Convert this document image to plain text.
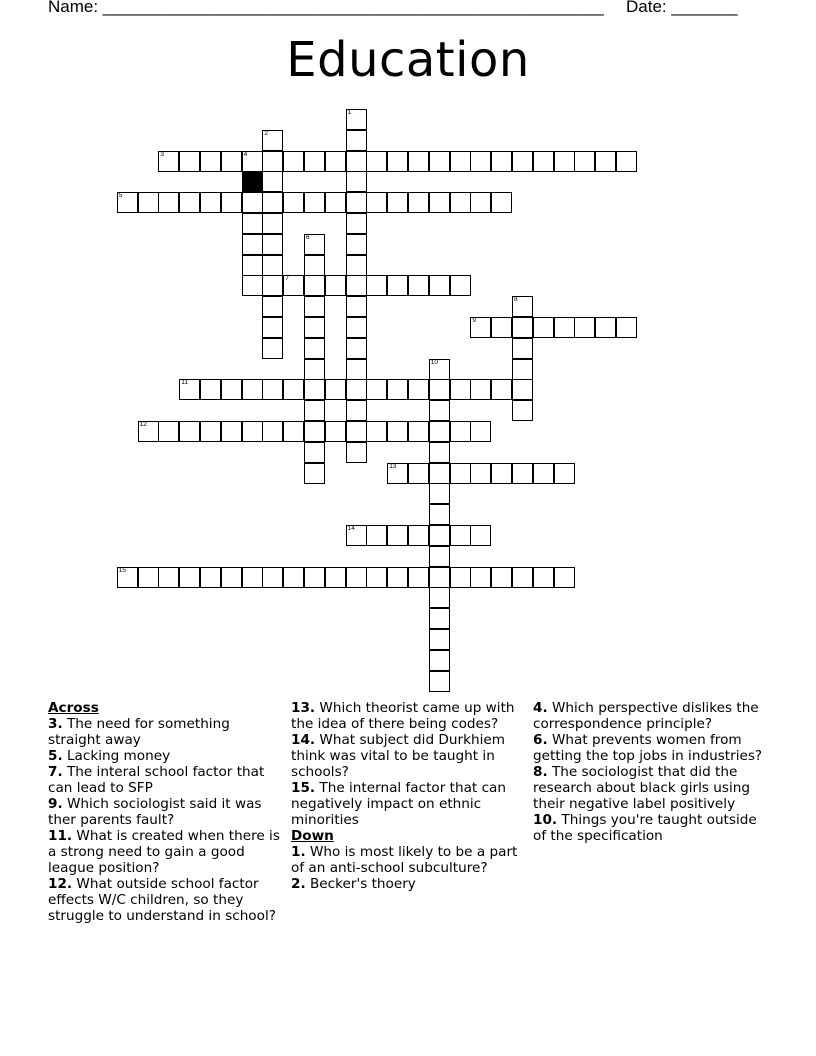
Name: _____________________________________________________ Date: _______
Education
1
2
3	4
5
6
7
8
9
10
11
12
13
14
15
Across
3. The need for something straight away
5. Lacking money
7. The interal school factor that can lead to SFP
9. Which sociologist said it was ther parents fault?
11. What is created when there is a strong need to gain a good league position?
12. What outside school factor effects W/C children, so they struggle to understand in school?
13. Which theorist came up with the idea of there being codes?
14. What subject did Durkhiem think was vital to be taught in schools?
15. The internal factor that can negatively impact on ethnic minorities
Down
1. Who is most likely to be a part of an anti-school subculture?
2. Becker's thoery
4. Which perspective dislikes the correspondence principle?
6. What prevents women from getting the top jobs in industries?
8. The sociologist that did the research about black girls using their negative label positively
10. Things you're taught outside of the specification
